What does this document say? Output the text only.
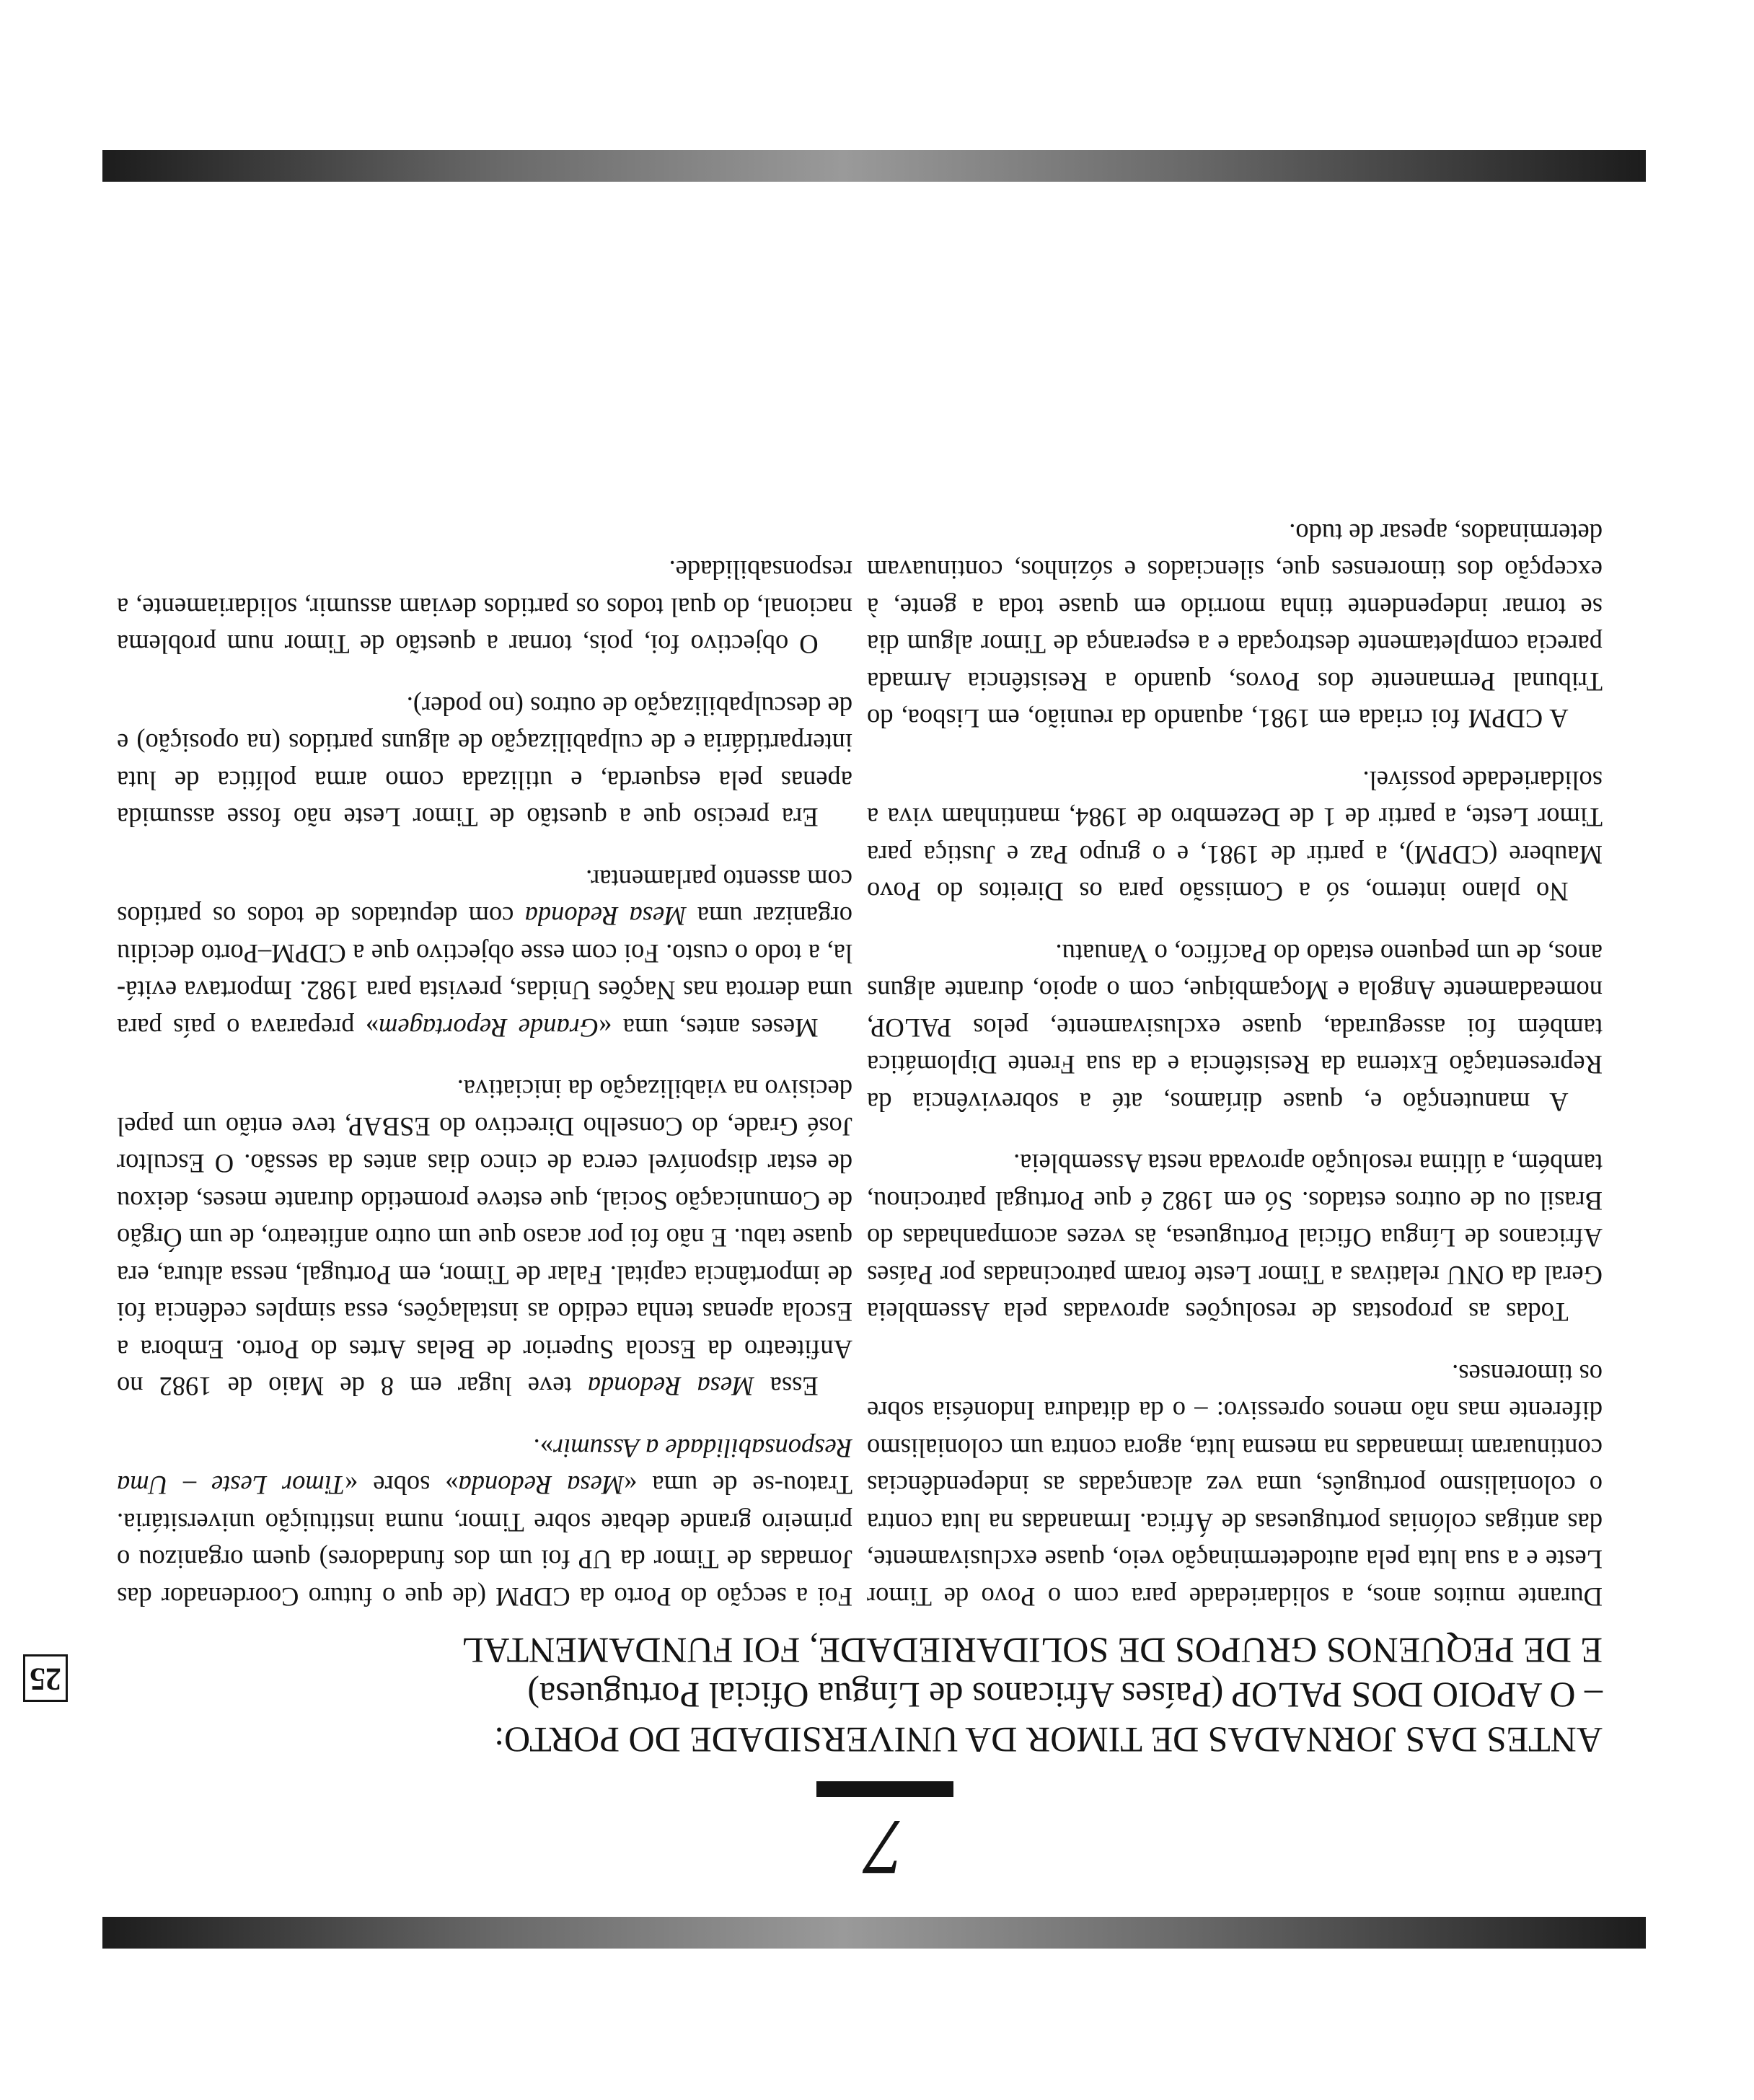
25
7
ANTES DAS JORNADAS DE TIMOR DA UNIVERSIDADE DO PORTO:
– O APOIO DOS PALOP (Países Africanos de Língua Oficial Portuguesa)
E DE PEQUENOS GRUPOS DE SOLIDARIEDADE, FOI FUNDAMENTAL

Durante muitos anos, a solidariedade para com o Povo de Timor Leste e a sua luta pela autodeterminação veio, quase exclusivamente, das antigas colónias portuguesas de África. Irmanadas na luta contra o colonialismo português, uma vez alcançadas as independências continuaram irmanadas na mesma luta, agora contra um colonialismo diferente mas não menos opressivo: – o da ditadura Indonésia sobre os timorenses.

Todas as propostas de resoluções aprovadas pela Assembleia Geral da ONU relativas a Timor Leste foram patrocinadas por Países Africanos de Língua Oficial Portuguesa, às vezes acompanhadas do Brasil ou de outros estados. Só em 1982 é que Portugal patrocinou, também, a última resolução aprovada nesta Assembleia.

A manutenção e, quase diríamos, até a sobrevivência da Representação Externa da Resistência e da sua Frente Diplomática também foi assegurada, quase exclusivamente, pelos PALOP, nomeadamente Angola e Moçambique, com o apoio, durante alguns anos, de um pequeno estado do Pacífico, o Vanuatu.

No plano interno, só a Comissão para os Direitos do Povo Maubere (CDPM), a partir de 1981, e o grupo Paz e Justiça para Timor Leste, a partir de 1 de Dezembro de 1984, mantinham viva a solidariedade possível.

A CDPM foi criada em 1981, aquando da reunião, em Lisboa, do Tribunal Permanente dos Povos, quando a Resistência Armada parecia completamente destroçada e a esperança de Timor algum dia se tornar independente tinha morrido em quase toda a gente, à excepção dos timorenses que, silenciados e sózinhos, continuavam determinados, apesar de tudo.

Foi a secção do Porto da CDPM (de que o futuro Coordenador das Jornadas de Timor da UP foi um dos fundadores) quem organizou o primeiro grande debate sobre Timor, numa instituição universitária. Tratou-se de uma «Mesa Redonda» sobre «Timor Leste – Uma Responsabilidade a Assumir».

Essa Mesa Redonda teve lugar em 8 de Maio de 1982 no Anfiteatro da Escola Superior de Belas Artes do Porto. Embora a Escola apenas tenha cedido as instalações, essa simples cedência foi de importância capital. Falar de Timor, em Portugal, nessa altura, era quase tabu. E não foi por acaso que um outro anfiteatro, de um Órgão de Comunicação Social, que esteve prometido durante meses, deixou de estar disponível cerca de cinco dias antes da sessão. O Escultor José Grade, do Conselho Directivo do ESBAP, teve então um papel decisivo na viabilização da iniciativa.

Meses antes, uma «Grande Reportagem» preparava o país para uma derrota nas Nações Unidas, prevista para 1982. Importava evitá-la, a todo o custo. Foi com esse objectivo que a CDPM–Porto decidiu organizar uma Mesa Redonda com deputados de todos os partidos com assento parlamentar.

Era preciso que a questão de Timor Leste não fosse assumida apenas pela esquerda, e utilizada como arma política de luta interpartidária e de culpabilização de alguns partidos (na oposição) e de desculpabilização de outros (no poder).

O objectivo foi, pois, tornar a questão de Timor num problema nacional, do qual todos os partidos deviam assumir, solidariamente, a responsabilidade.
